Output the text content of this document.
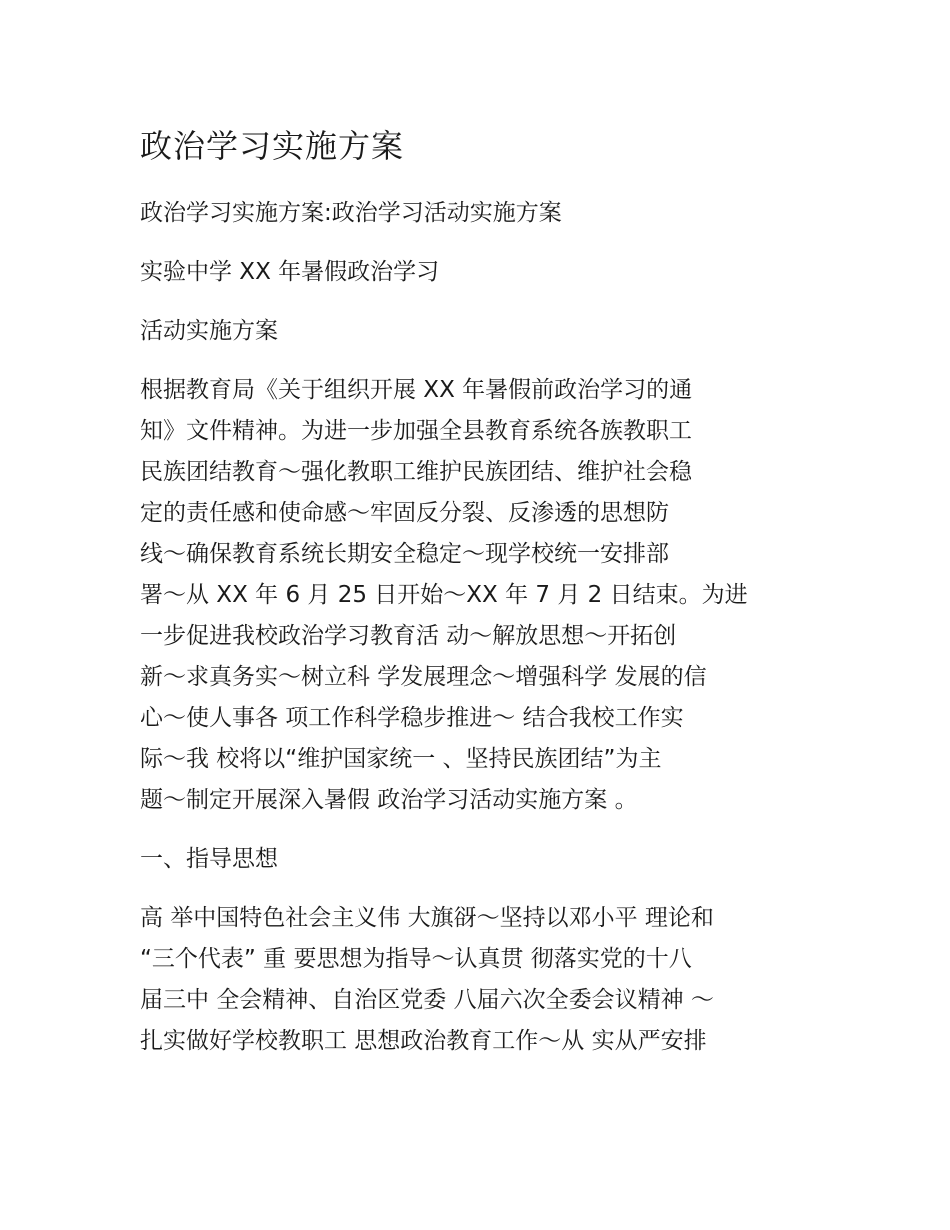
政治学习实施方案
政治学习实施方案:政治学习活动实施方案
实验中学 XX 年暑假政治学习
活动实施方案
根据教育局《关于组织开展 XX 年暑假前政治学习的通
知》文件精神。为进一步加强全县教育系统各族教职工
民族团结教育～强化教职工维护民族团结、维护社会稳
定的责任感和使命感～牢固反分裂、反渗透的思想防
线～确保教育系统长期安全稳定～现学校统一安排部
署～从 XX 年 6 月 25 日开始～XX 年 7 月 2 日结束。为进
一步促进我校政治学习教育活 动～解放思想～开拓创
新～求真务实～树立科 学发展理念～增强科学 发展的信
心～使人事各 项工作科学稳步推进～ 结合我校工作实
际～我 校将以“维护国家统一 、坚持民族团结”为主
题～制定开展深入暑假 政治学习活动实施方案 。
一、指导思想
高 举中国特色社会主义伟 大旗谺～坚持以邓小平 理论和
“三个代表” 重 要思想为指导～认真贯 彻落实党的十八
届三中 全会精神、自治区党委 八届六次全委会议精神 ～
扎实做好学校教职工 思想政治教育工作～从 实从严安排
